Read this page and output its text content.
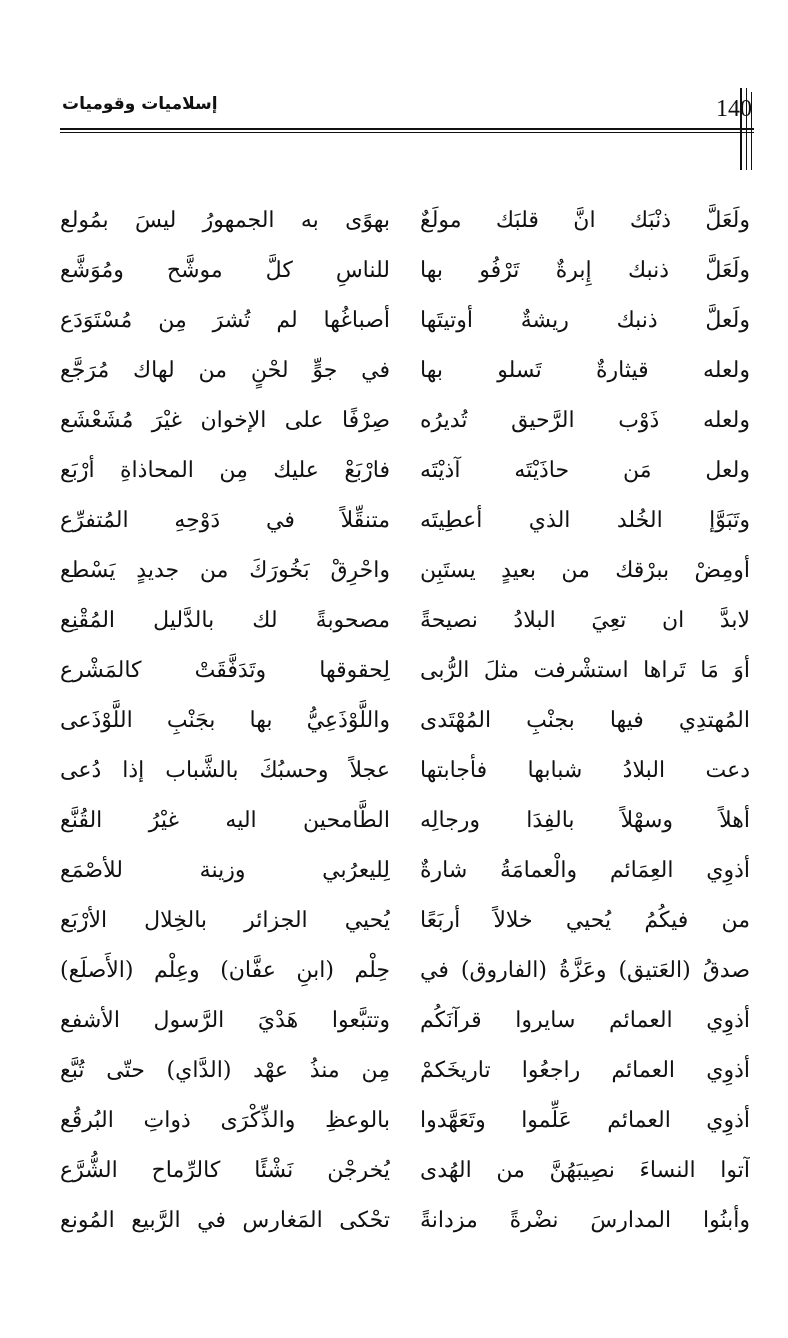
140
إسلاميات وقوميات
ولَعَلَّ ذنْبَك انَّ قلبَك مولَعٌ
بهوًى به الجمهورُ ليسَ بمُولع
ولَعَلَّ ذنبك إِبرةٌ تَرْفُو بها
للناسِ كلَّ موشَّح ومُوَشَّع
ولَعلَّ ذنبك ريشةٌ أوتيتَها
أصباغُها لم تُشرَ مِن مُسْتَوَدَع
ولعله قيثارةٌ تَسلو بها
في جوٍّ لحْنٍ من لهاك مُرَجَّع
ولعله ذَوْب الرَّحيق تُديرُه
صِرْفًا على الإخوان غيْرَ مُشَعْشَع
ولعل مَن حاذَيْتَه آذيْتَه
فارْبَعْ عليك مِن المحاذاةِ أرْبَع
وتَبَوَّإ الخُلد الذي أعطِيتَه
متنقِّلاً في دَوْحِهِ المُتفرِّع
أومِضْ ببرْقك من بعيدٍ يستَبِن
واحْرِقْ بَخُورَكَ من جديدٍ يَسْطع
لابدَّ ان تعِيَ البلادُ نصيحةً
مصحوبةً لك بالدَّليل المُقْنِع
أوَ مَا تَراها استشْرفت مثلَ الرُّبى
لِحقوقها وتَدَفَّقَتْ كالمَشْرع
المُهتدِي فيها بجنْبِ المُهْتَدى
واللَّوْذَعِيُّ بها بجَنْبِ اللَّوْذَعى
دعت البلادُ شبابها فأجابتها
عجلاً وحسبُكَ بالشَّباب إذا دُعى
أهلاً وسهْلاً بالفِدَا ورجالِه
الطَّامحين اليه غيْرُ القُنَّع
أذوِي العِمَائم والْعمامَةُ شارةٌ
لِليعرُبي وزينة للأصْمَع
من فيكُمُ يُحيي خلالاً أربَعًا
يُحيي الجزائر بالخِلال الأرْبَع
صدقُ (العَتيق) وعَزَّةُ (الفاروق) في
حِلْم (ابنِ عفَّان) وعِلْم (الأَصلَع)
أذوِي العمائم سايروا قرآنَكُم
وتتبَّعوا هَدْيَ الرَّسول الأشفع
أذوِي العمائم راجعُوا تاريخَكمْ
مِن منذُ عهْد (الدَّاي) حتّى تُبَّع
أذوِي العمائم عَلِّموا وتَعَهَّدوا
بالوعظِ والذِّكْرَى ذواتِ البُرقُع
آتوا النساءَ نصِيبَهُنَّ من الهُدى
يُخرجْن نَشْئًا كالرِّماح الشُّرَّع
وأبنُوا المدارسَ نضْرةً مزدانةً
تحْكى المَغارس في الرَّبيع المُونع
